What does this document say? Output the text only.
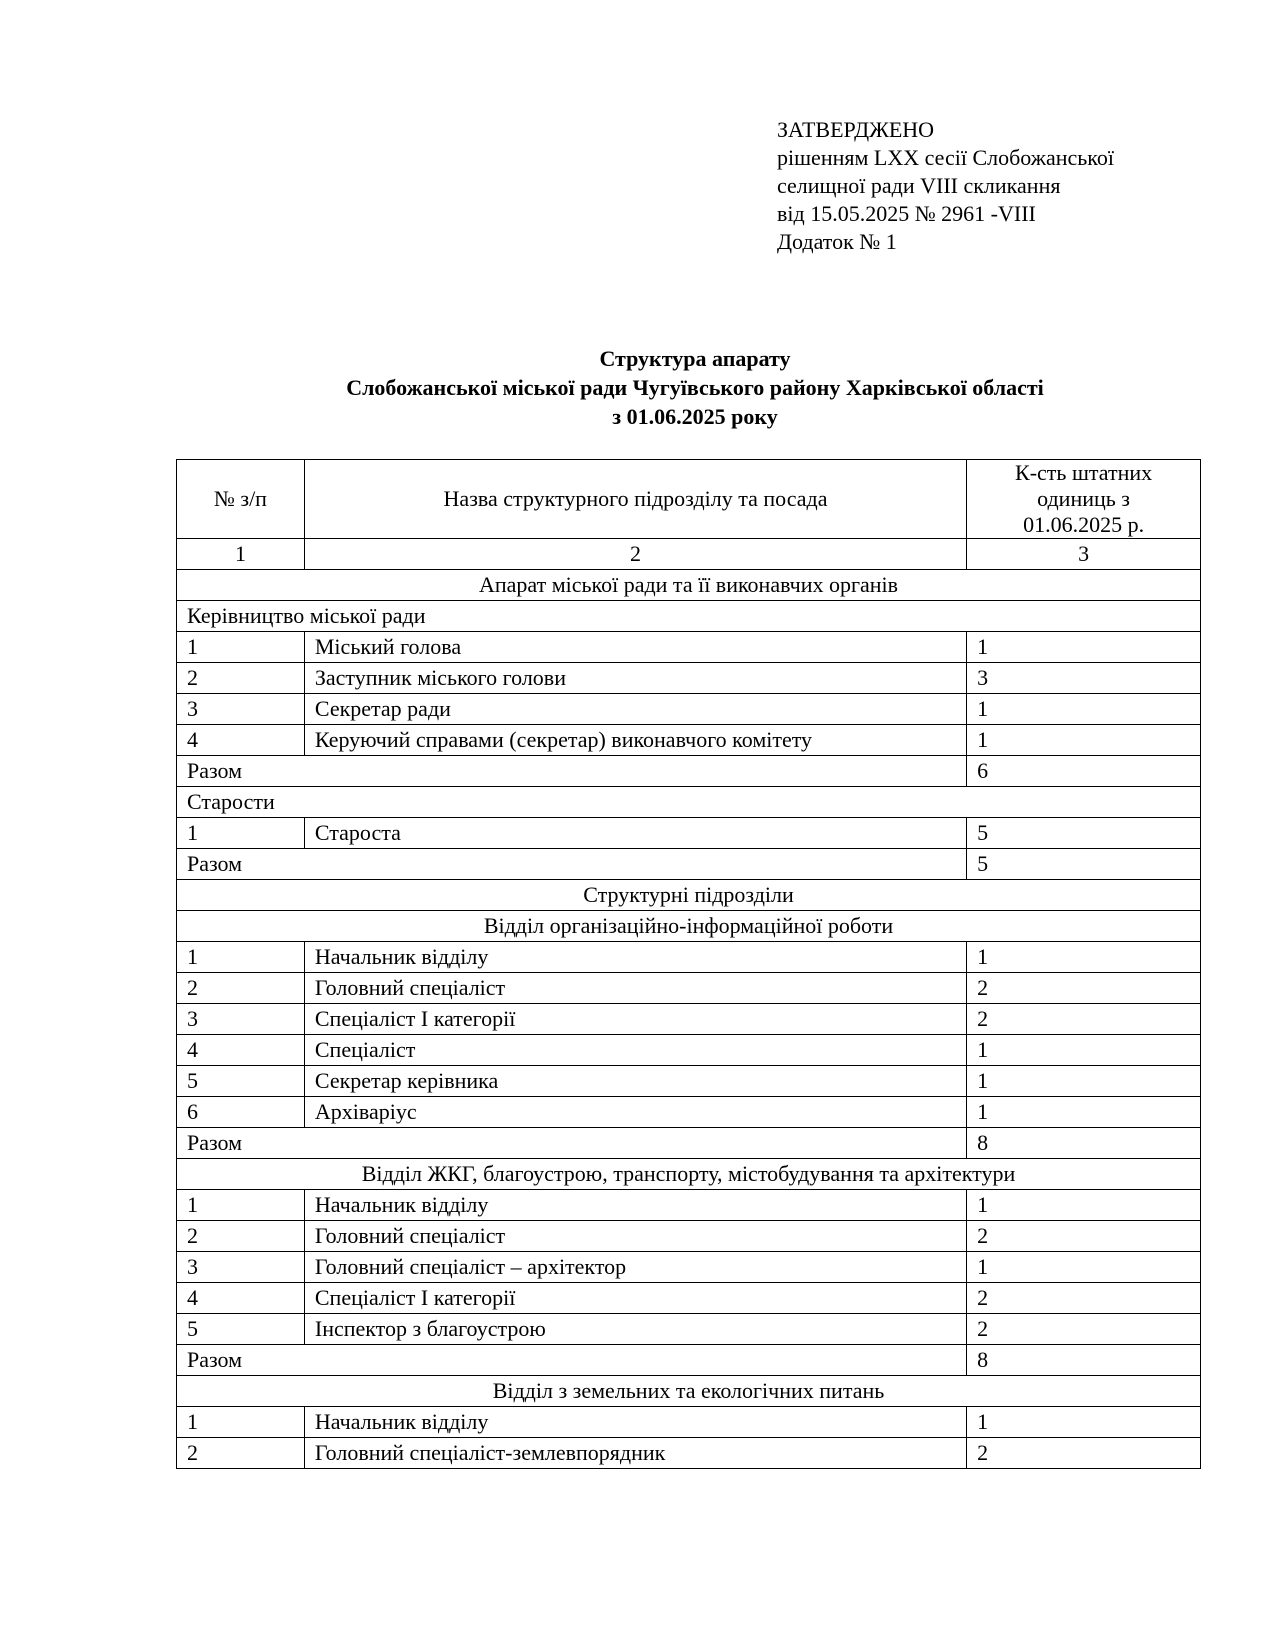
ЗАТВЕРДЖЕНО
рішенням LXX сесії Слобожанської
селищної ради VIII скликання
від 15.05.2025 № 2961 -VIII
Додаток № 1
Структура апарату
Слобожанської міської ради Чугуївського району Харківської області
з 01.06.2025 року
№ з/п	Назва структурного підрозділу та посада	К-сть штатних
одиниць з
01.06.2025 р.

1	2	3
Апарат міської ради та її виконавчих органів		
Керівництво міської ради		
1	Міський голова	1
2	Заступник міського голови	3
3	Секретар ради	1
4	Керуючий справами (секретар) виконавчого комітету	1
Разом		6
Старости		
1	Староста	5
Разом		5
Структурні підрозділи		
Відділ організаційно-інформаційної роботи		
1	Начальник відділу	1
2	Головний спеціаліст	2
3	Спеціаліст І категорії	2
4	Спеціаліст	1
5	Секретар керівника	1
6	Архіваріус	1
Разом		8
Відділ ЖКГ, благоустрою, транспорту, містобудування та архітектури		
1	Начальник відділу	1
2	Головний спеціаліст	2
3	Головний спеціаліст – архітектор	1
4	Спеціаліст І категорії	2
5	Інспектор з благоустрою	2
Разом		8
Відділ з земельних та екологічних питань		
1	Начальник відділу	1
2	Головний спеціаліст-землевпорядник	2
